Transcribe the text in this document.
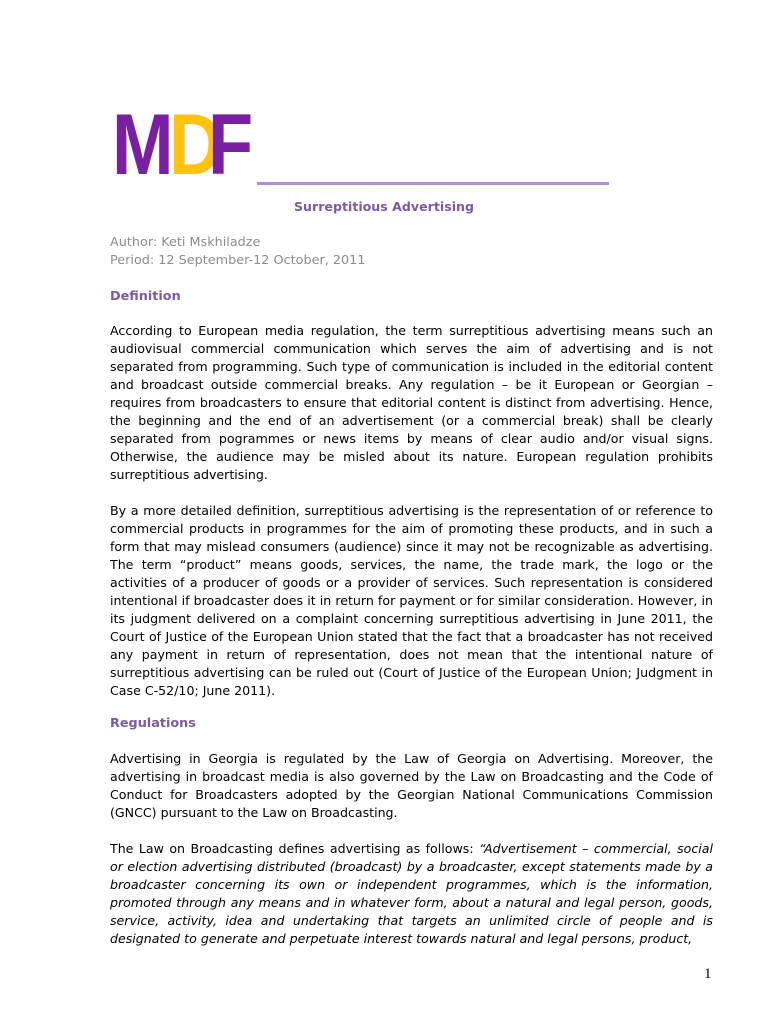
M D
F
Surreptitious Advertising
Author: Keti Mskhiladze
Period: 12 September-12 October, 2011
Definition
According to European media regulation, the term surreptitious advertising means such an audiovisual commercial communication which serves the aim of advertising and is not separated from programming. Such type of communication is included in the editorial content and broadcast outside commercial breaks. Any regulation – be it European or Georgian – requires from broadcasters to ensure that editorial content is distinct from advertising. Hence, the beginning and the end of an advertisement (or a commercial break) shall be clearly separated from pogrammes or news items by means of clear audio and/or visual signs. Otherwise, the audience may be misled about its nature. European regulation prohibits surreptitious advertising.
By a more detailed definition, surreptitious advertising is the representation of or reference to commercial products in programmes for the aim of promoting these products, and in such a form that may mislead consumers (audience) since it may not be recognizable as advertising. The term “product” means goods, services, the name, the trade mark, the logo or the activities of a producer of goods or a provider of services. Such representation is considered intentional if broadcaster does it in return for payment or for similar consideration. However, in its judgment delivered on a complaint concerning surreptitious advertising in June 2011, the Court of Justice of the European Union stated that the fact that a broadcaster has not received any payment in return of representation, does not mean that the intentional nature of surreptitious advertising can be ruled out (Court of Justice of the European Union; Judgment in Case C-52/10; June 2011).
Regulations
Advertising in Georgia is regulated by the Law of Georgia on Advertising. Moreover, the advertising in broadcast media is also governed by the Law on Broadcasting and the Code of Conduct for Broadcasters adopted by the Georgian National Communications Commission (GNCC) pursuant to the Law on Broadcasting.
The Law on Broadcasting defines advertising as follows: “Advertisement – commercial, social or election advertising distributed (broadcast) by a broadcaster, except statements made by a broadcaster concerning its own or independent programmes, which is the information, promoted through any means and in whatever form, about a natural and legal person, goods, service, activity, idea and undertaking that targets an unlimited circle of people and is designated to generate and perpetuate interest towards natural and legal persons, product,
1
